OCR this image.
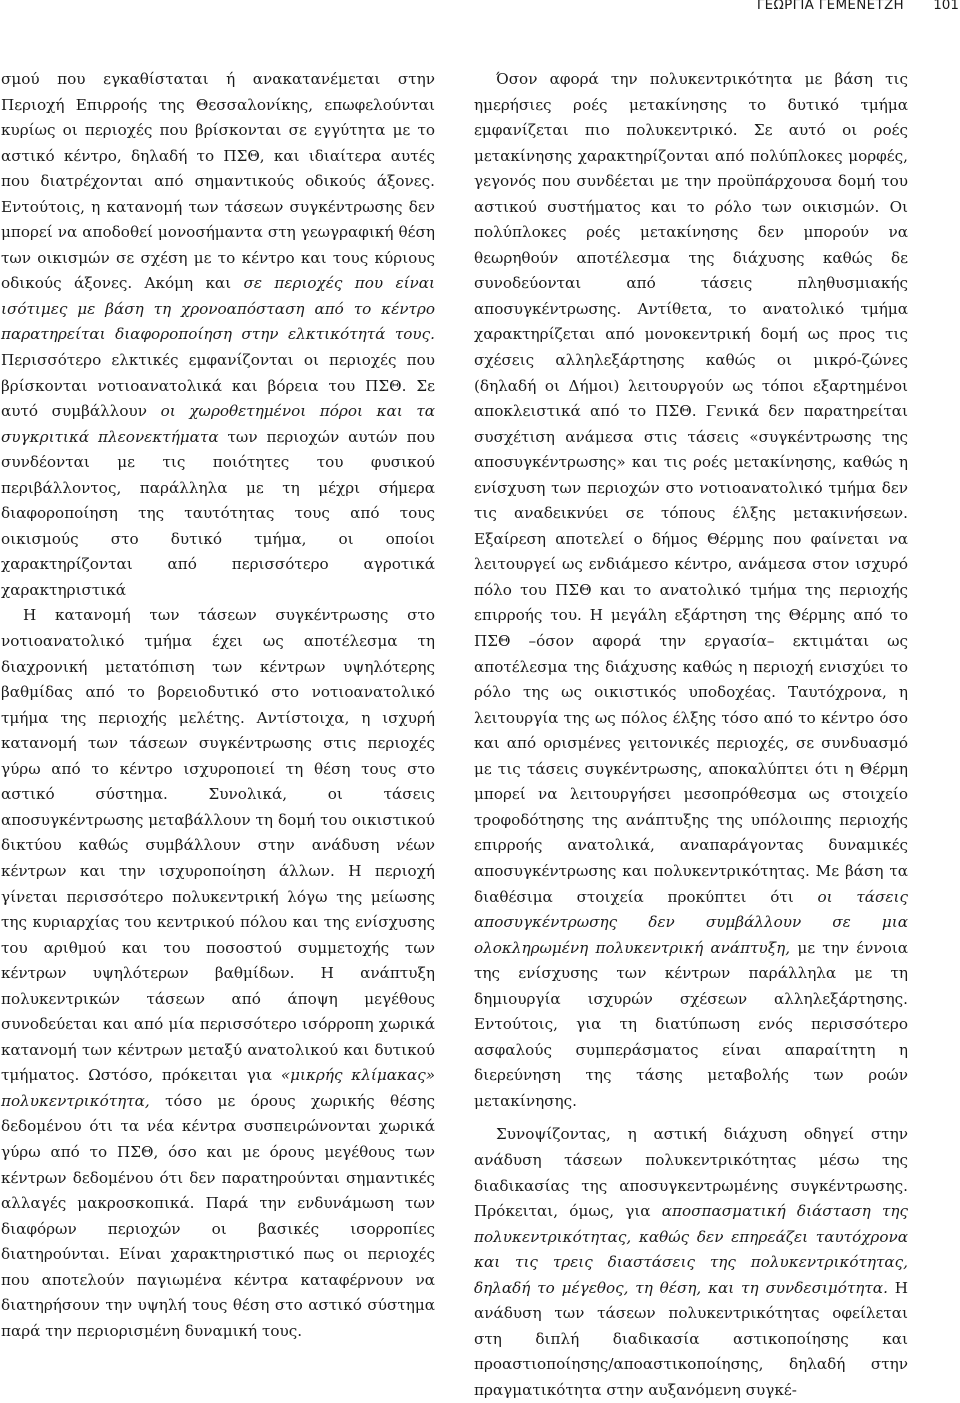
ΓΕΩΡΓΙΑ ΓΕΜΕΝΕΤΖΗ 101

σμού που εγκαθίσταται ή ανακατανέμεται στην Περιοχή Επιρροής της Θεσσαλονίκης, επωφελούνται κυρίως οι περιοχές που βρίσκονται σε εγγύτητα με το αστικό κέντρο, δηλαδή το ΠΣΘ, και ιδιαίτερα αυτές που διατρέχονται από σημαντικούς οδικούς άξονες. Εντούτοις, η κατανομή των τάσεων συγκέντρωσης δεν μπορεί να αποδοθεί μονοσήμαντα στη γεωγραφική θέση των οικισμών σε σχέση με το κέντρο και τους κύριους οδικούς άξονες. Ακόμη και σε περιοχές που είναι ισότιμες με βάση τη χρονοαπόσταση από το κέντρο παρατηρείται διαφοροποίηση στην ελκτικότητά τους. Περισσότερο ελκτικές εμφανίζονται οι περιοχές που βρίσκονται νοτιοανατολικά και βόρεια του ΠΣΘ. Σε αυτό συμβάλλουν οι χωροθετημένοι πόροι και τα συγκριτικά πλεονεκτήματα των περιοχών αυτών που συνδέονται με τις ποιότητες του φυσικού περιβάλλοντος, παράλληλα με τη μέχρι σήμερα διαφοροποίηση της ταυτότητας τους από τους οικισμούς στο δυτικό τμήμα, οι οποίοι χαρακτηρίζονται από περισσότερο αγροτικά χαρακτηριστικά

Η κατανομή των τάσεων συγκέντρωσης στο νοτιοανατολικό τμήμα έχει ως αποτέλεσμα τη διαχρονική μετατόπιση των κέντρων υψηλότερης βαθμίδας από το βορειοδυτικό στο νοτιοανατολικό τμήμα της περιοχής μελέτης. Αντίστοιχα, η ισχυρή κατανομή των τάσεων συγκέντρωσης στις περιοχές γύρω από το κέντρο ισχυροποιεί τη θέση τους στο αστικό σύστημα. Συνολικά, οι τάσεις αποσυγκέντρωσης μεταβάλλουν τη δομή του οικιστικού δικτύου καθώς συμβάλλουν στην ανάδυση νέων κέντρων και την ισχυροποίηση άλλων. Η περιοχή γίνεται περισσότερο πολυκεντρική λόγω της μείωσης της κυριαρχίας του κεντρικού πόλου και της ενίσχυσης του αριθμού και του ποσοστού συμμετοχής των κέντρων υψηλότερων βαθμίδων. Η ανάπτυξη πολυκεντρικών τάσεων από άποψη μεγέθους συνοδεύεται και από μία περισσότερο ισόρροπη χωρικά κατανομή των κέντρων μεταξύ ανατολικού και δυτικού τμήματος. Ωστόσο, πρόκειται για «μικρής κλίμακας» πολυκεντρικότητα, τόσο με όρους χωρικής θέσης δεδομένου ότι τα νέα κέντρα συσπειρώνονται χωρικά γύρω από το ΠΣΘ, όσο και με όρους μεγέθους των κέντρων δεδομένου ότι δεν παρατηρούνται σημαντικές αλλαγές μακροσκοπικά. Παρά την ενδυνάμωση των διαφόρων περιοχών οι βασικές ισορροπίες διατηρούνται. Είναι χαρακτηριστικό πως οι περιοχές που αποτελούν παγιωμένα κέντρα καταφέρνουν να διατηρήσουν την υψηλή τους θέση στο αστικό σύστημα παρά την περιορισμένη δυναμική τους.

Όσον αφορά την πολυκεντρικότητα με βάση τις ημερήσιες ροές μετακίνησης το δυτικό τμήμα εμφανίζεται πιο πολυκεντρικό. Σε αυτό οι ροές μετακίνησης χαρακτηρίζονται από πολύπλοκες μορφές, γεγονός που συνδέεται με την προϋπάρχουσα δομή του αστικού συστήματος και το ρόλο των οικισμών. Οι πολύπλοκες ροές μετακίνησης δεν μπορούν να θεωρηθούν αποτέλεσμα της διάχυσης καθώς δε συνοδεύονται από τάσεις πληθυσμιακής αποσυγκέντρωσης. Αντίθετα, το ανατολικό τμήμα χαρακτηρίζεται από μονοκεντρική δομή ως προς τις σχέσεις αλληλεξάρτησης καθώς οι μικρό-ζώνες (δηλαδή οι Δήμοι) λειτουργούν ως τόποι εξαρτημένοι αποκλειστικά από το ΠΣΘ. Γενικά δεν παρατηρείται συσχέτιση ανάμεσα στις τάσεις «συγκέντρωσης της αποσυγκέντρωσης» και τις ροές μετακίνησης, καθώς η ενίσχυση των περιοχών στο νοτιοανατολικό τμήμα δεν τις αναδεικνύει σε τόπους έλξης μετακινήσεων. Εξαίρεση αποτελεί ο δήμος Θέρμης που φαίνεται να λειτουργεί ως ενδιάμεσο κέντρο, ανάμεσα στον ισχυρό πόλο του ΠΣΘ και το ανατολικό τμήμα της περιοχής επιρροής του. Η μεγάλη εξάρτηση της Θέρμης από το ΠΣΘ –όσον αφορά την εργασία– εκτιμάται ως αποτέλεσμα της διάχυσης καθώς η περιοχή ενισχύει το ρόλο της ως οικιστικός υποδοχέας. Ταυτόχρονα, η λειτουργία της ως πόλος έλξης τόσο από το κέντρο όσο και από ορισμένες γειτονικές περιοχές, σε συνδυασμό με τις τάσεις συγκέντρωσης, αποκαλύπτει ότι η Θέρμη μπορεί να λειτουργήσει μεσοπρόθεσμα ως στοιχείο τροφοδότησης της ανάπτυξης της υπόλοιπης περιοχής επιρροής ανατολικά, αναπαράγοντας δυναμικές αποσυγκέντρωσης και πολυκεντρικότητας. Με βάση τα διαθέσιμα στοιχεία προκύπτει ότι οι τάσεις αποσυγκέντρωσης δεν συμβάλλουν σε μια ολοκληρωμένη πολυκεντρική ανάπτυξη, με την έννοια της ενίσχυσης των κέντρων παράλληλα με τη δημιουργία ισχυρών σχέσεων αλληλεξάρτησης. Εντούτοις, για τη διατύπωση ενός περισσότερο ασφαλούς συμπεράσματος είναι απαραίτητη η διερεύνηση της τάσης μεταβολής των ροών μετακίνησης.

Συνοψίζοντας, η αστική διάχυση οδηγεί στην ανάδυση τάσεων πολυκεντρικότητας μέσω της διαδικασίας της αποσυγκεντρωμένης συγκέντρωσης. Πρόκειται, όμως, για αποσπασματική διάσταση της πολυκεντρικότητας, καθώς δεν επηρεάζει ταυτόχρονα και τις τρεις διαστάσεις της πολυκεντρικότητας, δηλαδή το μέγεθος, τη θέση, και τη συνδεσιμότητα. Η ανάδυση των τάσεων πολυκεντρικότητας οφείλεται στη διπλή διαδικασία αστικοποίησης και προαστιοποίησης/αποαστικοποίησης, δηλαδή στην πραγματικότητα στην αυξανόμενη συγκέ-
